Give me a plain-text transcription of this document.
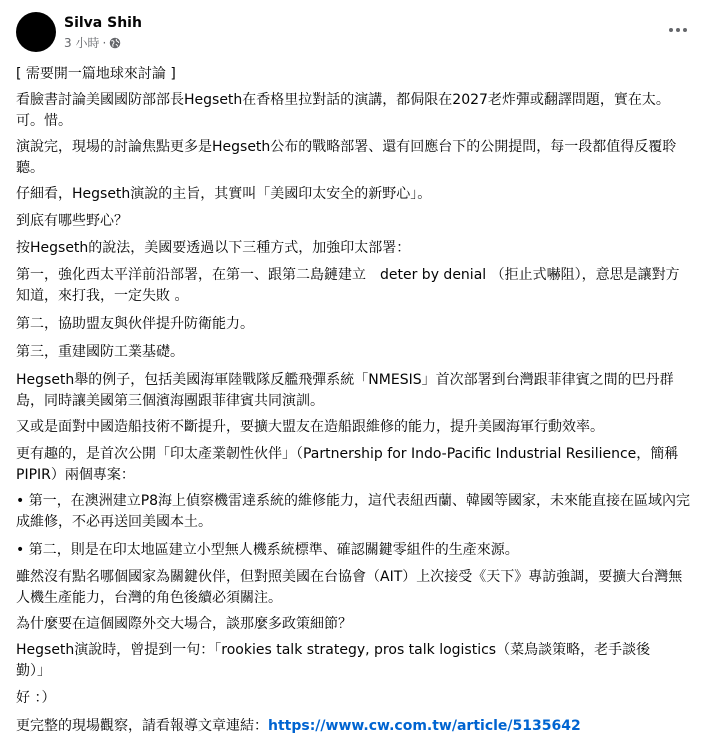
Silva Shih
3 小時 ·

[ 需要開一篇地球來討論 ]

看臉書討論美國國防部部長Hegseth在香格里拉對話的演講，都侷限在2027老炸彈或翻譯問題，實在太。可。惜。

演說完，現場的討論焦點更多是Hegseth公布的戰略部署、還有回應台下的公開提問，每一段都值得反覆聆聽。

仔細看，Hegseth演說的主旨，其實叫「美國印太安全的新野心」。

到底有哪些野心？

按Hegseth的說法，美國要透過以下三種方式，加強印太部署：

第一，強化西太平洋前沿部署，在第一、跟第二島鏈建立　deter by denial （拒止式嚇阻），意思是讓對方知道，來打我，一定失敗 。

第二，協助盟友與伙伴提升防衛能力。

第三，重建國防工業基礎。

Hegseth舉的例子，包括美國海軍陸戰隊反艦飛彈系統「NMESIS」首次部署到台灣跟菲律賓之間的巴丹群島，同時讓美國第三個濱海團跟菲律賓共同演訓。

又或是面對中國造船技術不斷提升，要擴大盟友在造船跟維修的能力，提升美國海軍行動效率。

更有趣的，是首次公開「印太產業韌性伙伴」（Partnership for Indo-Pacific Industrial Resilience，簡稱PIPIR）兩個專案：

• 第一，在澳洲建立P8海上偵察機雷達系統的維修能力，這代表紐西蘭、韓國等國家，未來能直接在區域內完成維修，不必再送回美國本土。

• 第二，則是在印太地區建立小型無人機系統標準、確認關鍵零組件的生產來源。

雖然沒有點名哪個國家為關鍵伙伴，但對照美國在台協會（AIT）上次接受《天下》專訪強調，要擴大台灣無人機生產能力，台灣的角色後續必須關注。

為什麼要在這個國際外交大場合，談那麼多政策細節？

Hegseth演說時，曾提到一句：「rookies talk strategy, pros talk logistics（菜鳥談策略，老手談後勤）」

好 ：）

更完整的現場觀察，請看報導文章連結：https://www.cw.com.tw/article/5135642
